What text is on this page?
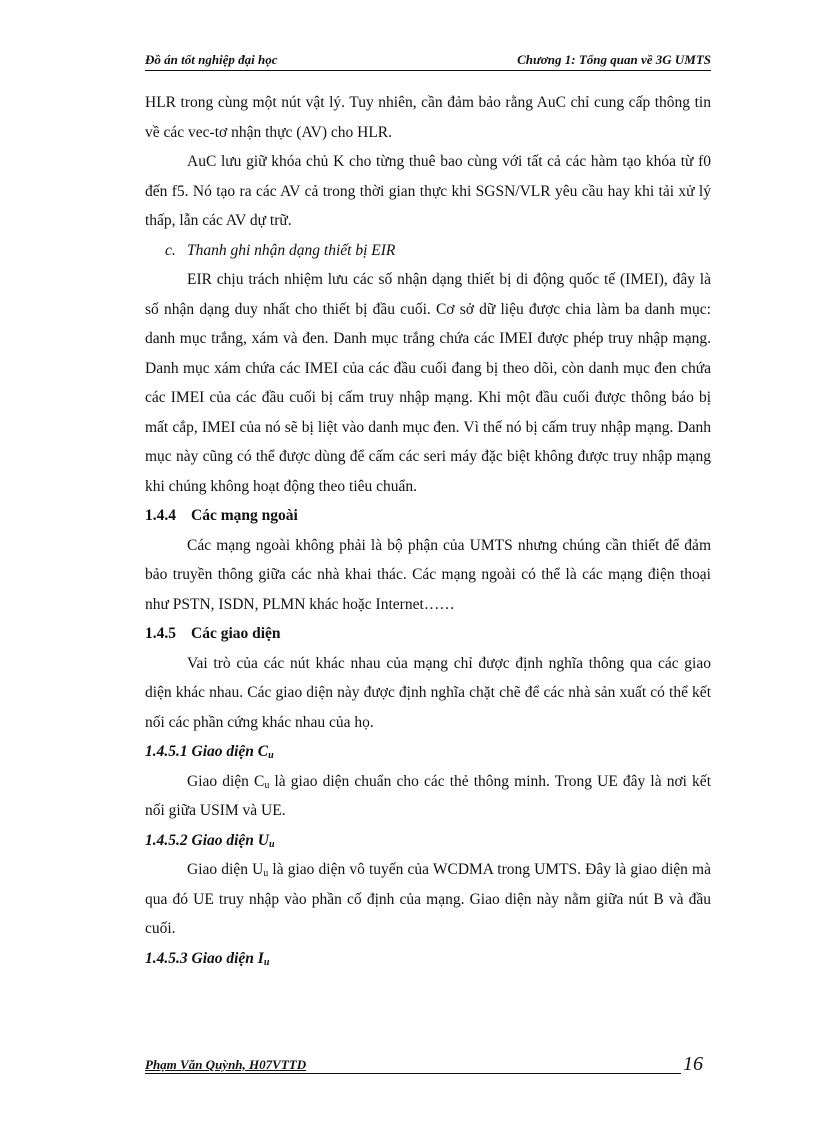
Đồ án tốt nghiệp đại học	Chương 1: Tổng quan về 3G UMTS

HLR trong cùng một nút vật lý. Tuy nhiên, cần đảm bảo rằng AuC chỉ cung cấp thông tin về các vec-tơ nhận thực (AV) cho HLR.

AuC lưu giữ khóa chủ K cho từng thuê bao cùng với tất cả các hàm tạo khóa từ f0 đến f5. Nó tạo ra các AV cả trong thời gian thực khi SGSN/VLR yêu cầu hay khi tải xử lý thấp, lẫn các AV dự trữ.

c. Thanh ghi nhận dạng thiết bị EIR

EIR chịu trách nhiệm lưu các số nhận dạng thiết bị di động quốc tế (IMEI), đây là số nhận dạng duy nhất cho thiết bị đầu cuối. Cơ sở dữ liệu được chia làm ba danh mục: danh mục trắng, xám và đen. Danh mục trắng chứa các IMEI được phép truy nhập mạng. Danh mục xám chứa các IMEI của các đầu cuối đang bị theo dõi, còn danh mục đen chứa các IMEI của các đầu cuối bị cấm truy nhập mạng. Khi một đầu cuối được thông báo bị mất cắp, IMEI của nó sẽ bị liệt vào danh mục đen. Vì thế nó bị cấm truy nhập mạng. Danh mục này cũng có thể được dùng để cấm các seri máy đặc biệt không được truy nhập mạng khi chúng không hoạt động theo tiêu chuẩn.

1.4.4 Các mạng ngoài

Các mạng ngoài không phải là bộ phận của UMTS nhưng chúng cần thiết để đảm bảo truyền thông giữa các nhà khai thác. Các mạng ngoài có thể là các mạng điện thoại như PSTN, ISDN, PLMN khác hoặc Internet……

1.4.5 Các giao diện

Vai trò của các nút khác nhau của mạng chỉ được định nghĩa thông qua các giao diện khác nhau. Các giao diện này được định nghĩa chặt chẽ để các nhà sản xuất có thể kết nối các phần cứng khác nhau của họ.

1.4.5.1 Giao diện $C_u$

Giao diện $C_u$ là giao diện chuẩn cho các thẻ thông minh. Trong UE đây là nơi kết nối giữa USIM và UE.

1.4.5.2 Giao diện $U_u$

Giao diện $U_u$ là giao diện vô tuyến của WCDMA trong UMTS. Đây là giao diện mà qua đó UE truy nhập vào phần cố định của mạng. Giao diện này nằm giữa nút B và đầu cuối.

1.4.5.3 Giao diện $I_u$
Phạm Văn Quỳnh, H07VTTD	16
